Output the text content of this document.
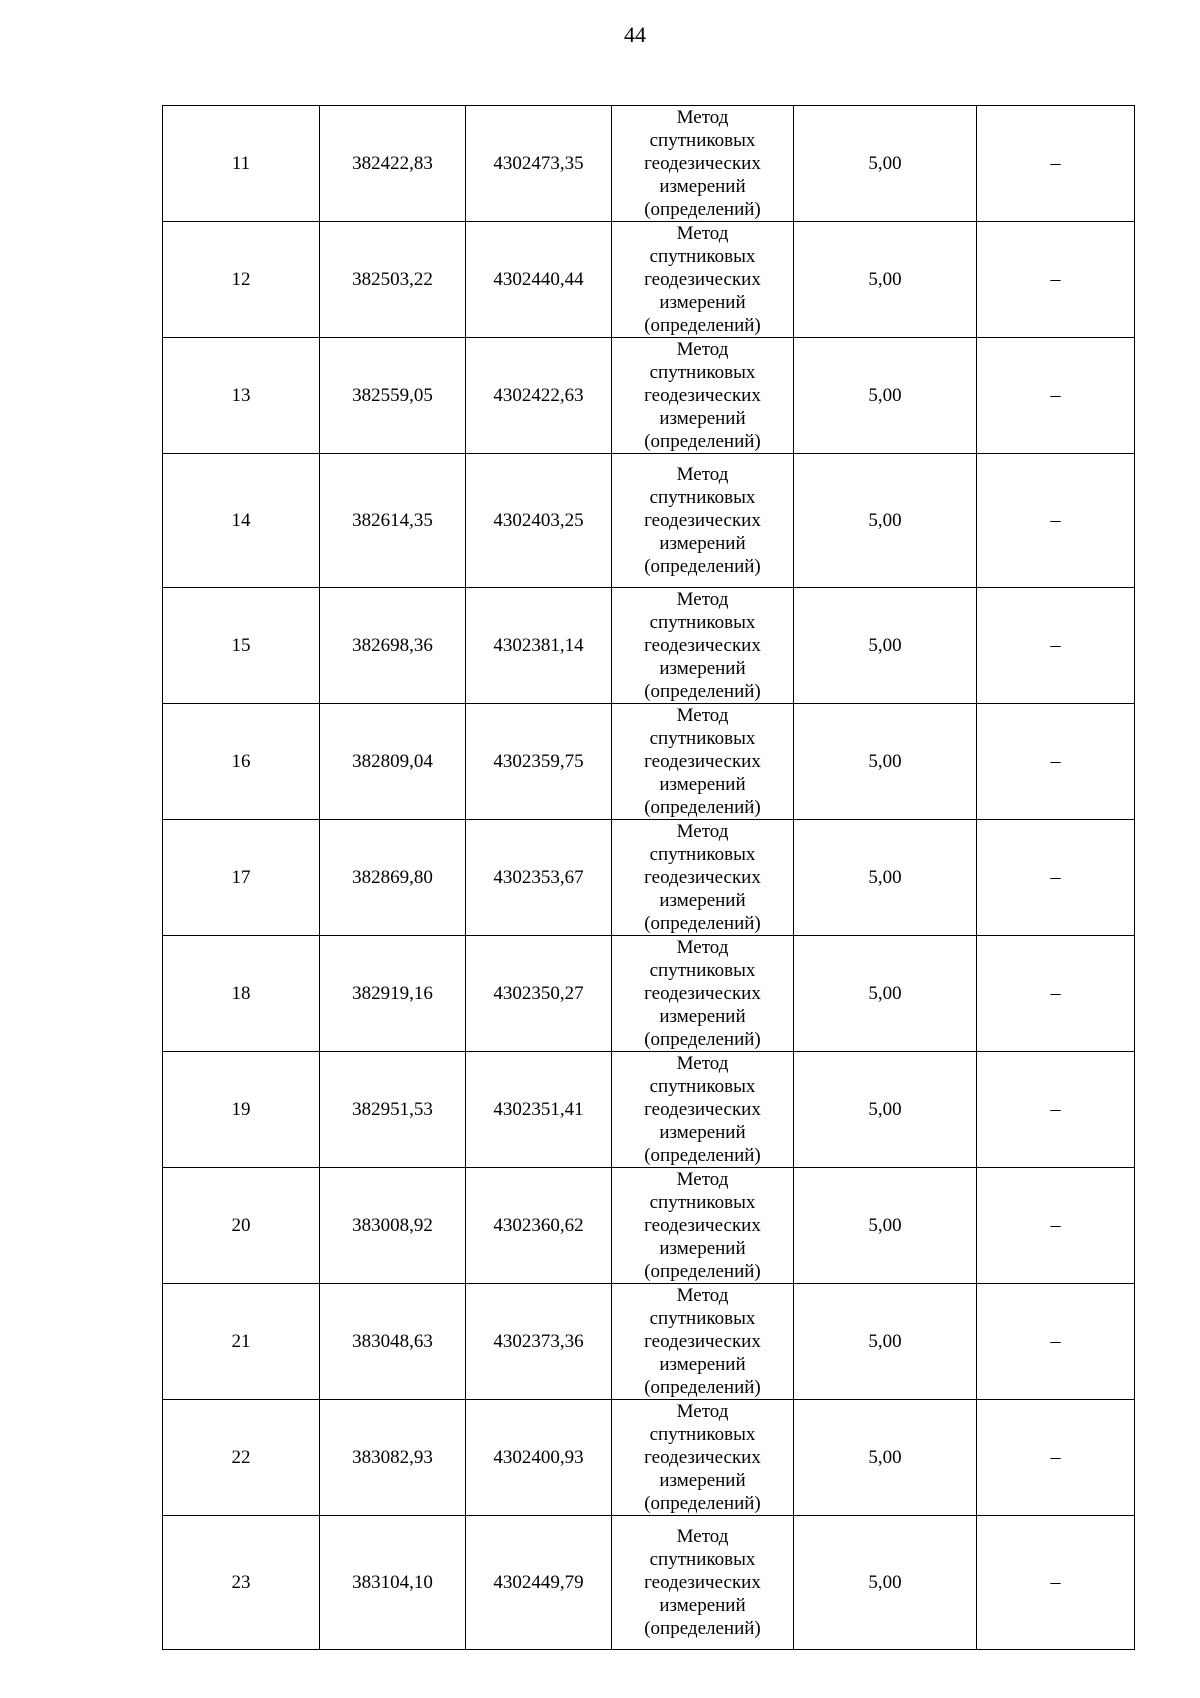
44
11	382422,83	4302473,35	Метод спутниковых геодезических измерений (определений)	5,00	–
12	382503,22	4302440,44	Метод спутниковых геодезических измерений (определений)	5,00	–
13	382559,05	4302422,63	Метод спутниковых геодезических измерений (определений)	5,00	–
14	382614,35	4302403,25	Метод спутниковых геодезических измерений (определений)	5,00	–
15	382698,36	4302381,14	Метод спутниковых геодезических измерений (определений)	5,00	–
16	382809,04	4302359,75	Метод спутниковых геодезических измерений (определений)	5,00	–
17	382869,80	4302353,67	Метод спутниковых геодезических измерений (определений)	5,00	–
18	382919,16	4302350,27	Метод спутниковых геодезических измерений (определений)	5,00	–
19	382951,53	4302351,41	Метод спутниковых геодезических измерений (определений)	5,00	–
20	383008,92	4302360,62	Метод спутниковых геодезических измерений (определений)	5,00	–
21	383048,63	4302373,36	Метод спутниковых геодезических измерений (определений)	5,00	–
22	383082,93	4302400,93	Метод спутниковых геодезических измерений (определений)	5,00	–
23	383104,10	4302449,79	Метод спутниковых геодезических измерений (определений)	5,00	–
